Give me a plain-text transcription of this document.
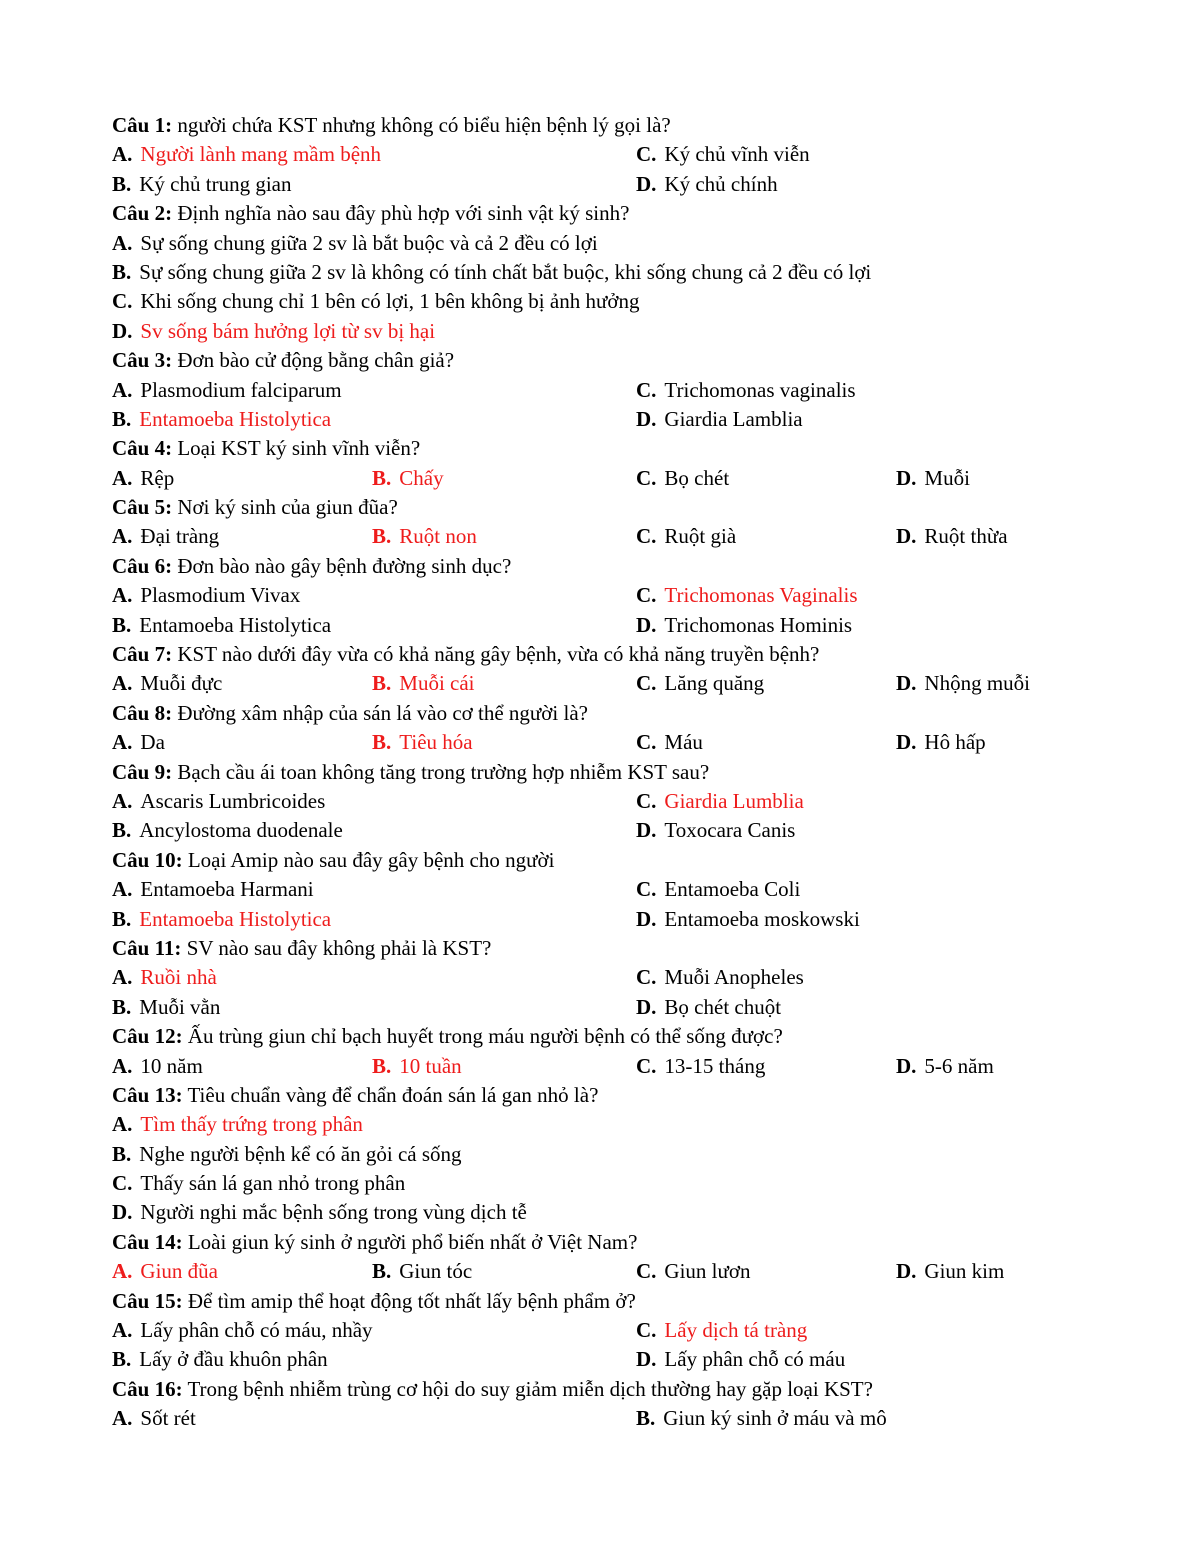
Câu 1: người chứa KST nhưng không có biểu hiện bệnh lý gọi là?
A. Người lành mang mầm bệnh	C. Ký chủ vĩnh viễn
B. Ký chủ trung gian	D. Ký chủ chính
Câu 2: Định nghĩa nào sau đây phù hợp với sinh vật ký sinh?
A. Sự sống chung giữa 2 sv là bắt buộc và cả 2 đều có lợi
B. Sự sống chung giữa 2 sv là không có tính chất bắt buộc, khi sống chung cả 2 đều có lợi
C. Khi sống chung chỉ 1 bên có lợi, 1 bên không bị ảnh hưởng
D. Sv sống bám hưởng lợi từ sv bị hại
Câu 3: Đơn bào cử động bằng chân giả?
A. Plasmodium falciparum	C. Trichomonas vaginalis
B. Entamoeba Histolytica	D. Giardia Lamblia
Câu 4: Loại KST ký sinh vĩnh viễn?
A. Rệp	B. Chấy	C. Bọ chét	D. Muỗi
Câu 5: Nơi ký sinh của giun đũa?
A. Đại tràng	B. Ruột non	C. Ruột già	D. Ruột thừa
Câu 6: Đơn bào nào gây bệnh đường sinh dục?
A. Plasmodium Vivax	C. Trichomonas Vaginalis
B. Entamoeba Histolytica	D. Trichomonas Hominis
Câu 7: KST nào dưới đây vừa có khả năng gây bệnh, vừa có khả năng truyền bệnh?
A. Muỗi đực	B. Muỗi cái	C. Lăng quăng	D. Nhộng muỗi
Câu 8: Đường xâm nhập của sán lá vào cơ thể người là?
A. Da	B. Tiêu hóa	C. Máu	D. Hô hấp
Câu 9: Bạch cầu ái toan không tăng trong trường hợp nhiễm KST sau?
A. Ascaris Lumbricoides	C. Giardia Lumblia
B. Ancylostoma duodenale	D. Toxocara Canis
Câu 10: Loại Amip nào sau đây gây bệnh cho người
A. Entamoeba Harmani	C. Entamoeba Coli
B. Entamoeba Histolytica	D. Entamoeba moskowski
Câu 11: SV nào sau đây không phải là KST?
A. Ruồi nhà	C. Muỗi Anopheles
B. Muỗi vằn	D. Bọ chét chuột
Câu 12: Ấu trùng giun chỉ bạch huyết trong máu người bệnh có thể sống được?
A. 10 năm	B. 10 tuần	C. 13-15 tháng	D. 5-6 năm
Câu 13: Tiêu chuẩn vàng để chẩn đoán sán lá gan nhỏ là?
A. Tìm thấy trứng trong phân
B. Nghe người bệnh kể có ăn gỏi cá sống
C. Thấy sán lá gan nhỏ trong phân
D. Người nghi mắc bệnh sống trong vùng dịch tễ
Câu 14: Loài giun ký sinh ở người phổ biến nhất ở Việt Nam?
A. Giun đũa	B. Giun tóc	C. Giun lươn	D. Giun kim
Câu 15: Để tìm amip thể hoạt động tốt nhất lấy bệnh phẩm ở?
A. Lấy phân chỗ có máu, nhầy	C. Lấy dịch tá tràng
B. Lấy ở đầu khuôn phân	D. Lấy phân chỗ có máu
Câu 16: Trong bệnh nhiễm trùng cơ hội do suy giảm miễn dịch thường hay gặp loại KST?
A. Sốt rét	B. Giun ký sinh ở máu và mô
